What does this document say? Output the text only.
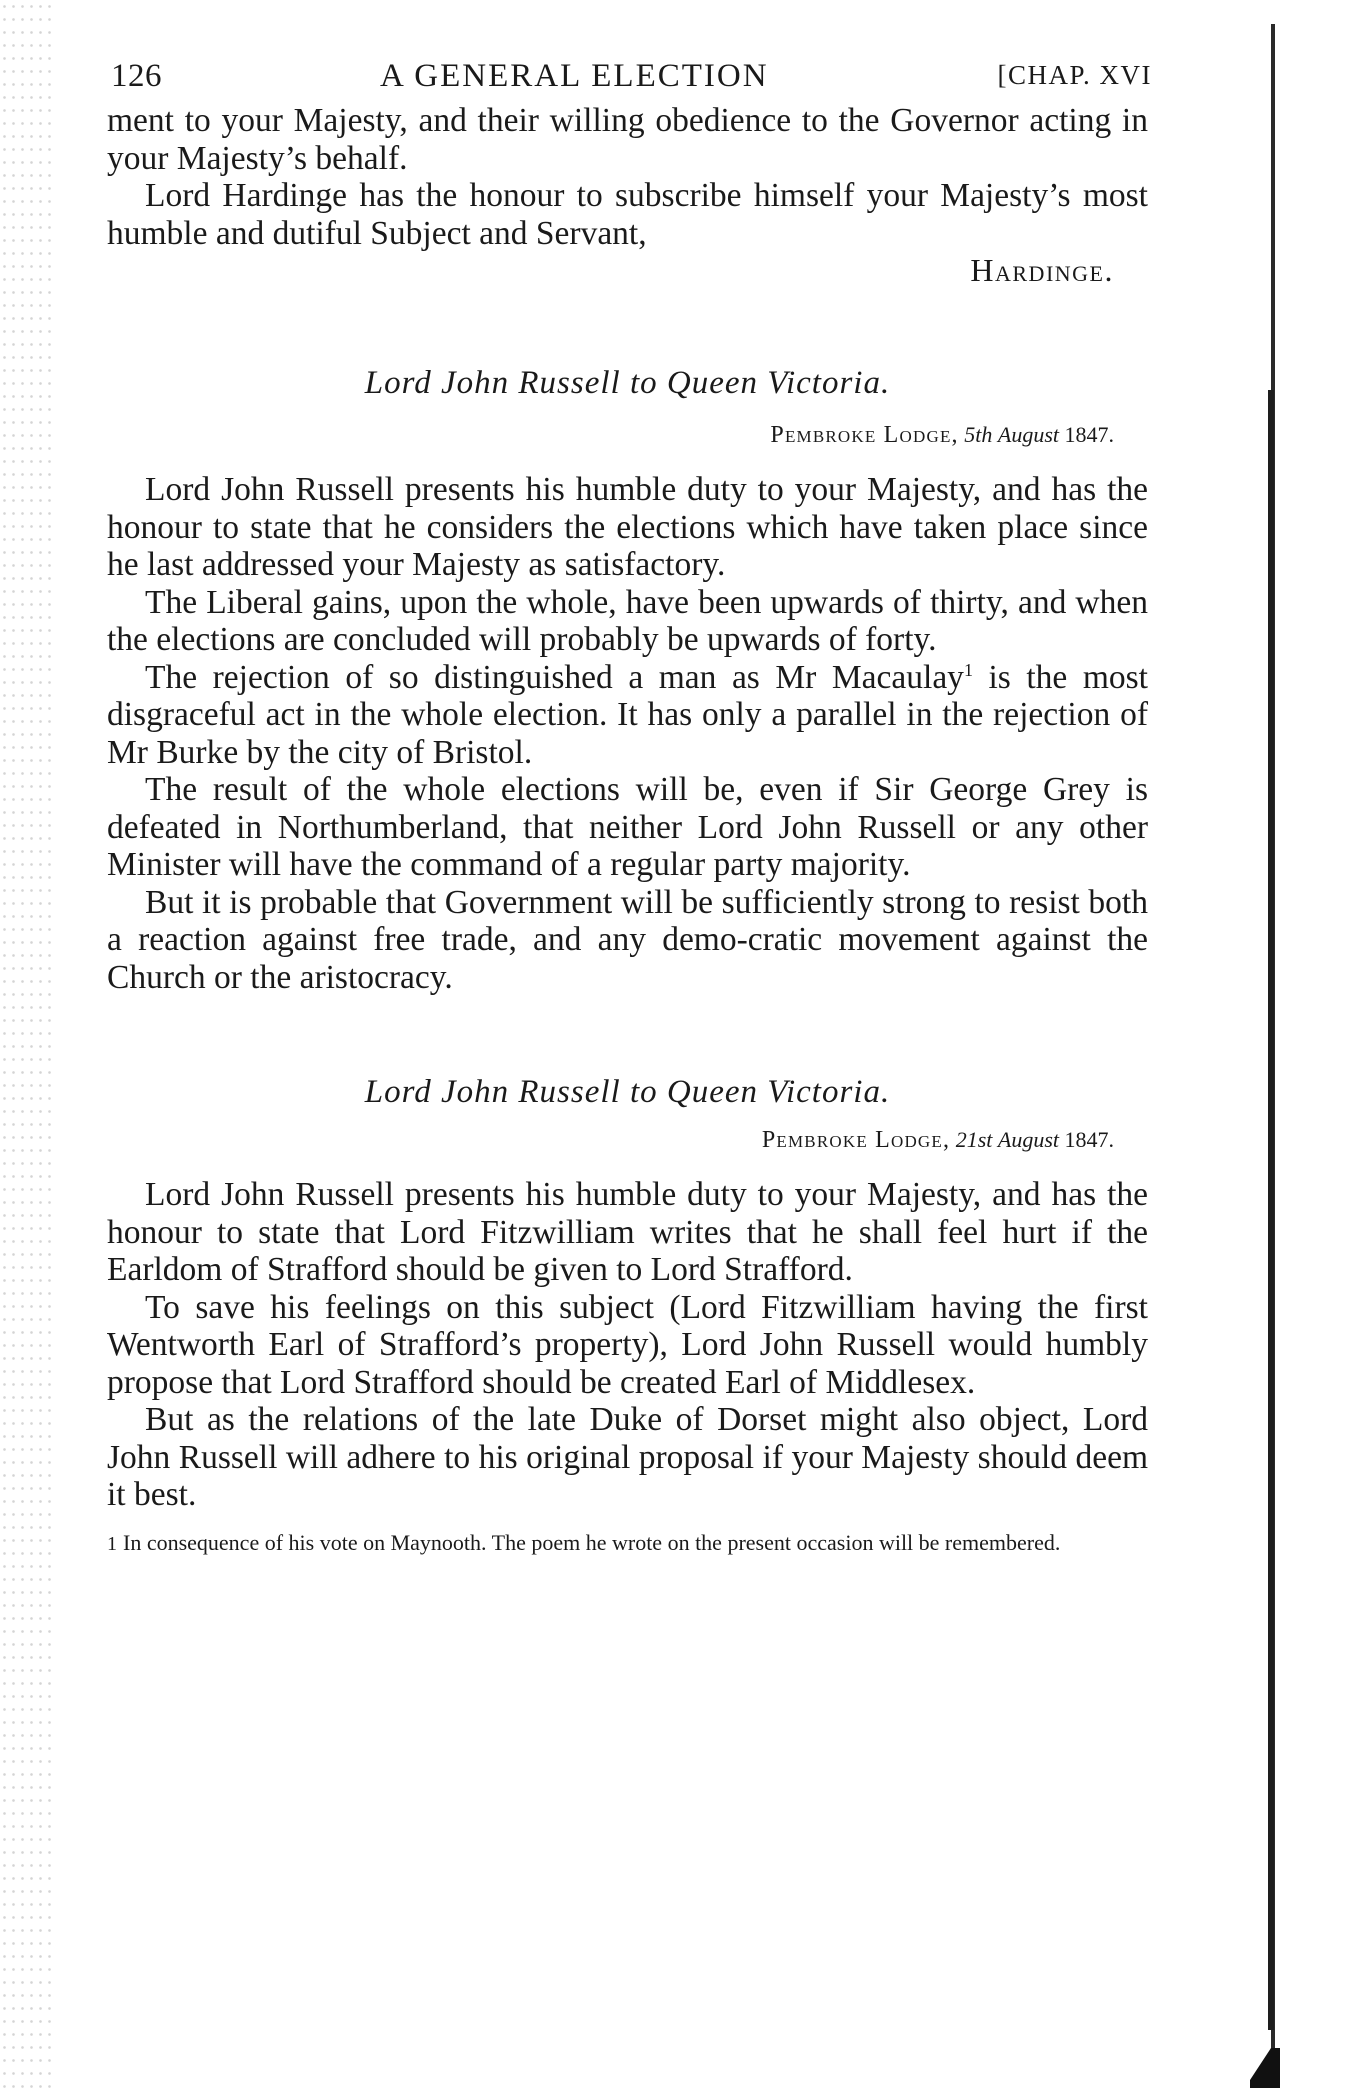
126	A GENERAL ELECTION	[CHAP. XVI

ment to your Majesty, and their willing obedience to the Governor acting in your Majesty’s behalf.

Lord Hardinge has the honour to subscribe himself your Majesty’s most humble and dutiful Subject and Servant,

Hardinge.
Lord John Russell to Queen Victoria.
Pembroke Lodge, 5th August 1847.

Lord John Russell presents his humble duty to your Majesty, and has the honour to state that he considers the elections which have taken place since he last addressed your Majesty as satisfactory.

The Liberal gains, upon the whole, have been upwards of thirty, and when the elections are concluded will probably be upwards of forty.

The rejection of so distinguished a man as Mr Macaulay$^1$ is the most disgraceful act in the whole election. It has only a parallel in the rejection of Mr Burke by the city of Bristol.

The result of the whole elections will be, even if Sir George Grey is defeated in Northumberland, that neither Lord John Russell or any other Minister will have the command of a regular party majority.

But it is probable that Government will be sufficiently strong to resist both a reaction against free trade, and any demo-cratic movement against the Church or the aristocracy.

Lord John Russell to Queen Victoria.
Pembroke Lodge, 21st August 1847.

Lord John Russell presents his humble duty to your Majesty, and has the honour to state that Lord Fitzwilliam writes that he shall feel hurt if the Earldom of Strafford should be given to Lord Strafford.

To save his feelings on this subject (Lord Fitzwilliam having the first Wentworth Earl of Strafford’s property), Lord John Russell would humbly propose that Lord Strafford should be created Earl of Middlesex.

But as the relations of the late Duke of Dorset might also object, Lord John Russell will adhere to his original proposal if your Majesty should deem it best.

1 In consequence of his vote on Maynooth. The poem he wrote on the present occasion will be remembered.
